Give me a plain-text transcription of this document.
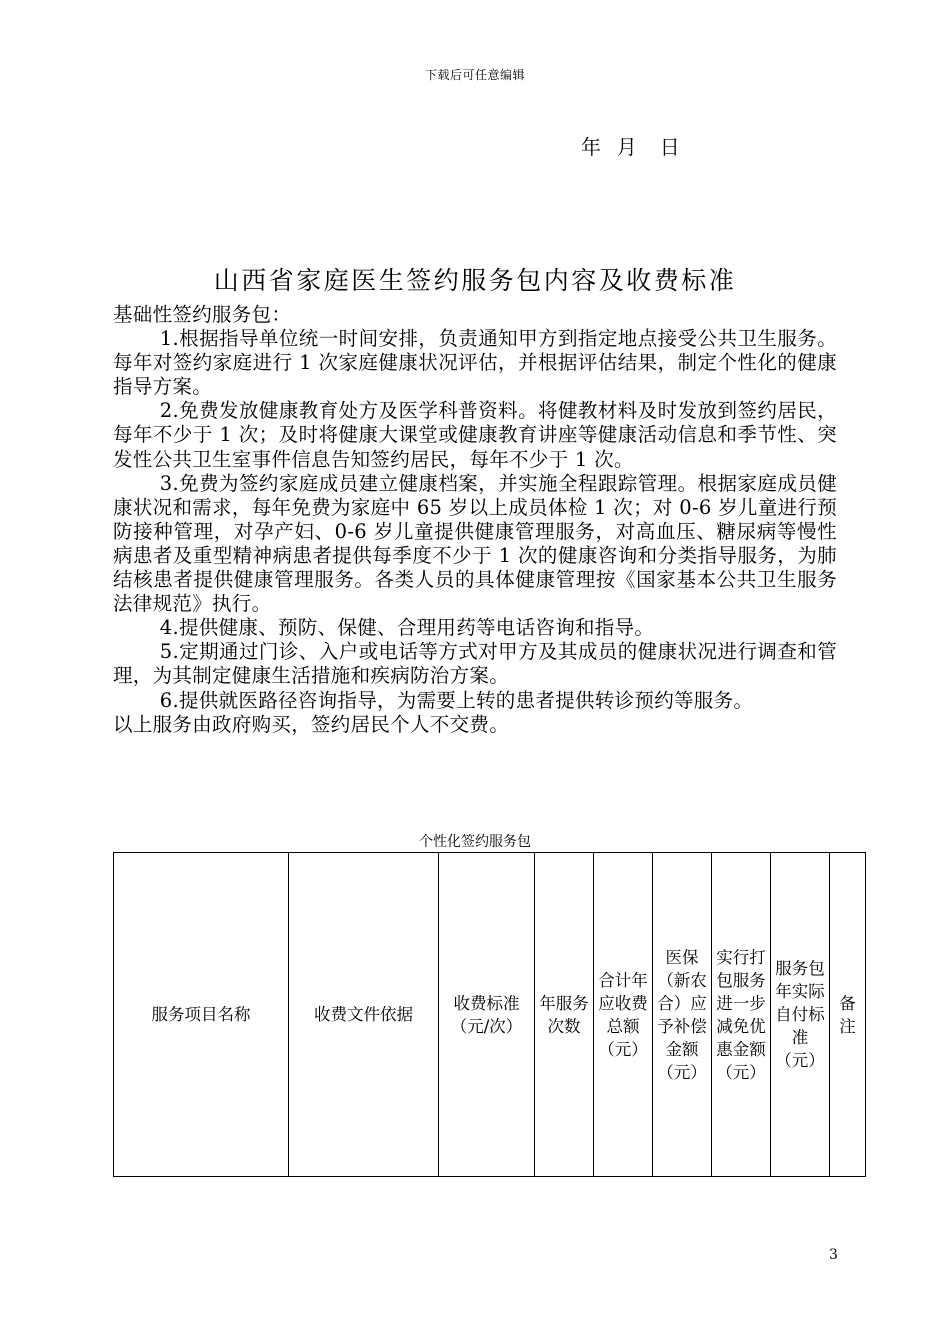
下载后可任意编辑
年  月   日
山西省家庭医生签约服务包内容及收费标准

基础性签约服务包：

1.根据指导单位统一时间安排，负责通知甲方到指定地点接受公共卫生服务。每年对签约家庭进行 1 次家庭健康状况评估，并根据评估结果，制定个性化的健康指导方案。

2.免费发放健康教育处方及医学科普资料。将健教材料及时发放到签约居民，每年不少于 1 次；及时将健康大课堂或健康教育讲座等健康活动信息和季节性、突发性公共卫生室事件信息告知签约居民，每年不少于 1 次。

3.免费为签约家庭成员建立健康档案，并实施全程跟踪管理。根据家庭成员健康状况和需求，每年免费为家庭中 65 岁以上成员体检 1 次；对 0-6 岁儿童进行预防接种管理，对孕产妇、0-6 岁儿童提供健康管理服务，对高血压、糖尿病等慢性病患者及重型精神病患者提供每季度不少于 1 次的健康咨询和分类指导服务，为肺结核患者提供健康管理服务。各类人员的具体健康管理按《国家基本公共卫生服务法律规范》执行。

4.提供健康、预防、保健、合理用药等电话咨询和指导。

5.定期通过门诊、入户或电话等方式对甲方及其成员的健康状况进行调查和管理，为其制定健康生活措施和疾病防治方案。

6.提供就医路径咨询指导，为需要上转的患者提供转诊预约等服务。

以上服务由政府购买，签约居民个人不交费。

个性化签约服务包
服务项目名称	收费文件依据	收费标准（元/次）	年服务次数	合计年应收费总额（元）	医保（新农合）应予补偿金额（元）	实行打包服务进一步减免优惠金额（元）	服务包年实际自付标准（元）	备注
3
